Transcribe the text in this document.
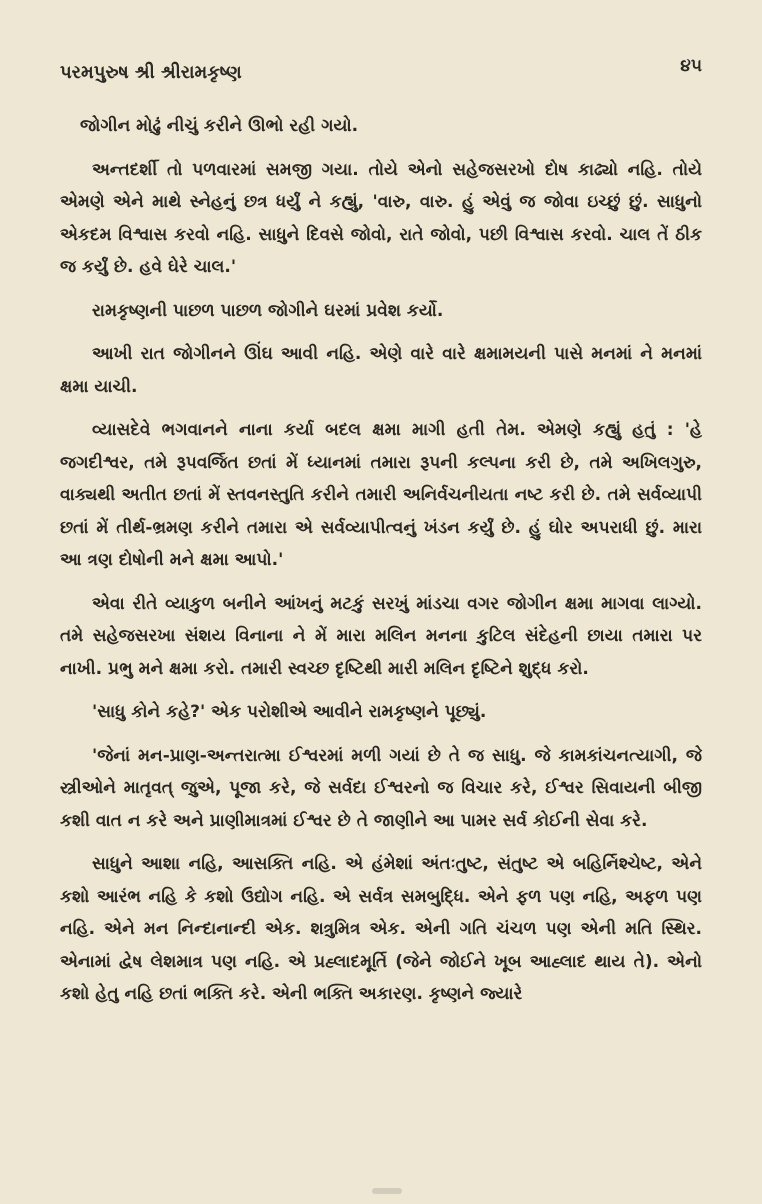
પરમપુરુષ શ્રી શ્રીરામકૃષ્ણ	૪૫

જોગીન મોઢું નીચું કરીને ઊભો રહી ગયો.

અન્તદર્શી તો પળવારમાં સમજી ગયા. તોયે એનો સહેજસરખો દોષ કાઢ્યો નહિ. તોયે એમણે એને માથે સ્નેહનું છત્ર ધર્યું ને કહ્યું, 'વારુ, વારુ. હું એવું જ જોવા ઇચ્છું છું. સાધુનો એકદમ વિશ્વાસ કરવો નહિ. સાધુને દિવસે જોવો, રાતે જોવો, પછી વિશ્વાસ કરવો. ચાલ તેં ઠીક જ કર્યું છે. હવે ઘેરે ચાલ.'

રામકૃષ્ણની પાછળ પાછળ જોગીને ઘરમાં પ્રવેશ કર્યો.

આખી રાત જોગીનને ઊંઘ આવી નહિ. એણે વારે વારે ક્ષમામયની પાસે મનમાં ને મનમાં ક્ષમા યાચી.

વ્યાસદેવે ભગવાનને નાના કર્યા બદલ ક્ષમા માગી હતી તેમ. એમણે કહ્યું હતું : 'હે જગદીશ્વર, તમે રૂપવર્જિત છતાં મેં ધ્યાનમાં તમારા રૂપની કલ્પના કરી છે, તમે અખિલગુરુ, વાક્યથી અતીત છતાં મેં સ્તવનસ્તુતિ કરીને તમારી અનિર્વચનીયતા નષ્ટ કરી છે. તમે સર્વવ્યાપી છતાં મેં તીર્થ-ભ્રમણ કરીને તમારા એ સર્વવ્યાપીત્વનું ખંડન કર્યું છે. હું ઘોર અપરાધી છું. મારા આ ત્રણ દોષોની મને ક્ષમા આપો.'

એવા રીતે વ્યાકુળ બનીને આંખનું મટકું સરખું માંડચા વગર જોગીન ક્ષમા માગવા લાગ્યો. તમે સહેજસરખા સંશય વિનાના ને મેં મારા મલિન મનના કુટિલ સંદેહની છાયા તમારા પર નાખી. પ્રભુ મને ક્ષમા કરો. તમારી સ્વચ્છ દૃષ્ટિથી મારી મલિન દૃષ્ટિને શુદ્ધ કરો.

'સાધુ કોને કહે?' એક પરોશીએ આવીને રામકૃષ્ણને પૂછ્યું.

'જેનાં મન-પ્રાણ-અન્તરાત્મા ઈશ્વરમાં મળી ગયાં છે તે જ સાધુ. જે કામકાંચનત્યાગી, જે સ્ત્રીઓને માતૃવત્ જુએ, પૂજા કરે, જે સર્વદા ઈશ્વરનો જ વિચાર કરે, ઈશ્વર સિવાયની બીજી કશી વાત ન કરે અને પ્રાણીમાત્રમાં ઈશ્વર છે તે જાણીને આ પામર સર્વ કોઈની સેવા કરે.

સાધુને આશા નહિ, આસક્તિ નહિ. એ હંમેશાં અંતઃતુષ્ટ, સંતુષ્ટ એ બહિર્નિશ્ચેષ્ટ, એને કશો આરંભ નહિ કે કશો ઉદ્યોગ નહિ. એ સર્વત્ર સમબુદ્ધિ. એને ફળ પણ નહિ, અફળ પણ નહિ. એને મન નિન્દાનાન્દી એક. શત્રુમિત્ર એક. એની ગતિ ચંચળ પણ એની મતિ સ્થિર. એનામાં દ્વેષ લેશમાત્ર પણ નહિ. એ પ્રહ્લાદમૂર્તિ (જેને જોઈને ખૂબ આહ્લાદ થાય તે). એનો કશો હેતુ નહિ છતાં ભક્તિ કરે. એની ભક્તિ અકારણ. કૃષ્ણને જ્યારે
